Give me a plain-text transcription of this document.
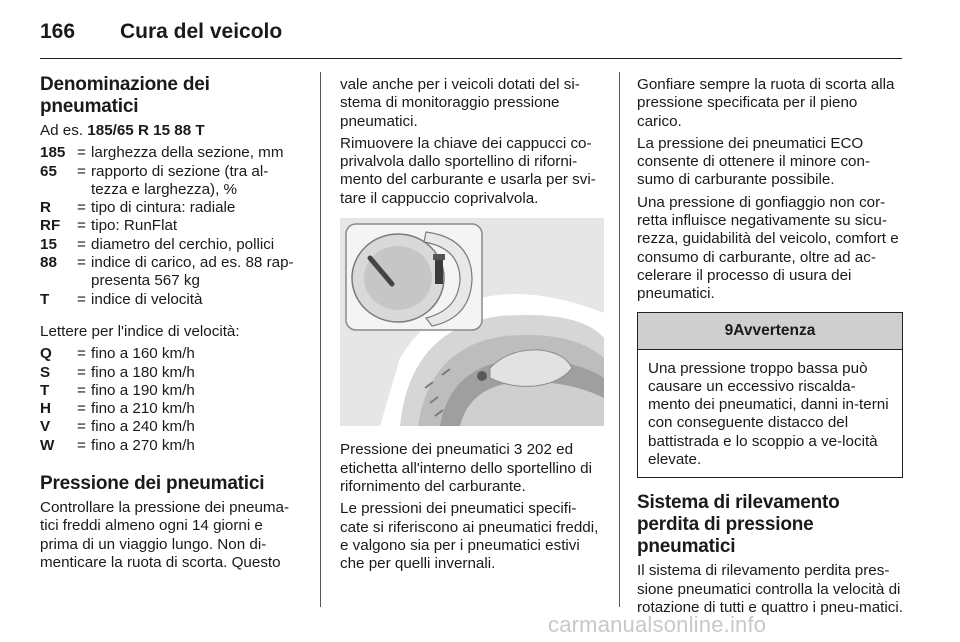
166 Cura del veicolo
Denominazione dei pneumatici

Ad es. 185/65 R 15 88 T

185 = larghezza della sezione, mm
65	= rapporto di sezione (tra al-tezza e larghezza), %
R	= tipo di cintura: radiale
RF	= tipo: RunFlat
15	= diametro del cerchio, pollici
88	= indice di carico, ad es. 88 rap-presenta 567 kg
T	= indice di velocità

Lettere per l'indice di velocità:

Q	= fino a 160 km/h
S	= fino a 180 km/h
T	= fino a 190 km/h
H	= fino a 210 km/h
V	= fino a 240 km/h
W	= fino a 270 km/h
Pressione dei pneumatici

Controllare la pressione dei pneuma-tici freddi almeno ogni 14 giorni e prima di un viaggio lungo. Non di-menticare la ruota di scorta. Questo

vale anche per i veicoli dotati del si-stema di monitoraggio pressione pneumatici.

Rimuovere la chiave dei cappucci co-privalvola dallo sportellino di riforni-mento del carburante e usarla per svi-tare il cappuccio coprivalvola.

Pressione dei pneumatici 3 202 ed etichetta all'interno dello sportellino di rifornimento del carburante.

Le pressioni dei pneumatici specifi-cate si riferiscono ai pneumatici freddi, e valgono sia per i pneumatici estivi che per quelli invernali.

Gonfiare sempre la ruota di scorta alla pressione specificata per il pieno carico.

La pressione dei pneumatici ECO consente di ottenere il minore con-sumo di carburante possibile.

Una pressione di gonfiaggio non cor-retta influisce negativamente su sicu-rezza, guidabilità del veicolo, comfort e consumo di carburante, oltre ad ac-celerare il processo di usura dei pneumatici.

9Avvertenza
Una pressione troppo bassa può causare un eccessivo riscalda-mento dei pneumatici, danni in-terni con conseguente distacco del battistrada e lo scoppio a ve-locità elevate.
Sistema di rilevamento perdita di pressione pneumatici

Il sistema di rilevamento perdita pres-sione pneumatici controlla la velocità di rotazione di tutti e quattro i pneu-matici.

carmanualsonline.info
